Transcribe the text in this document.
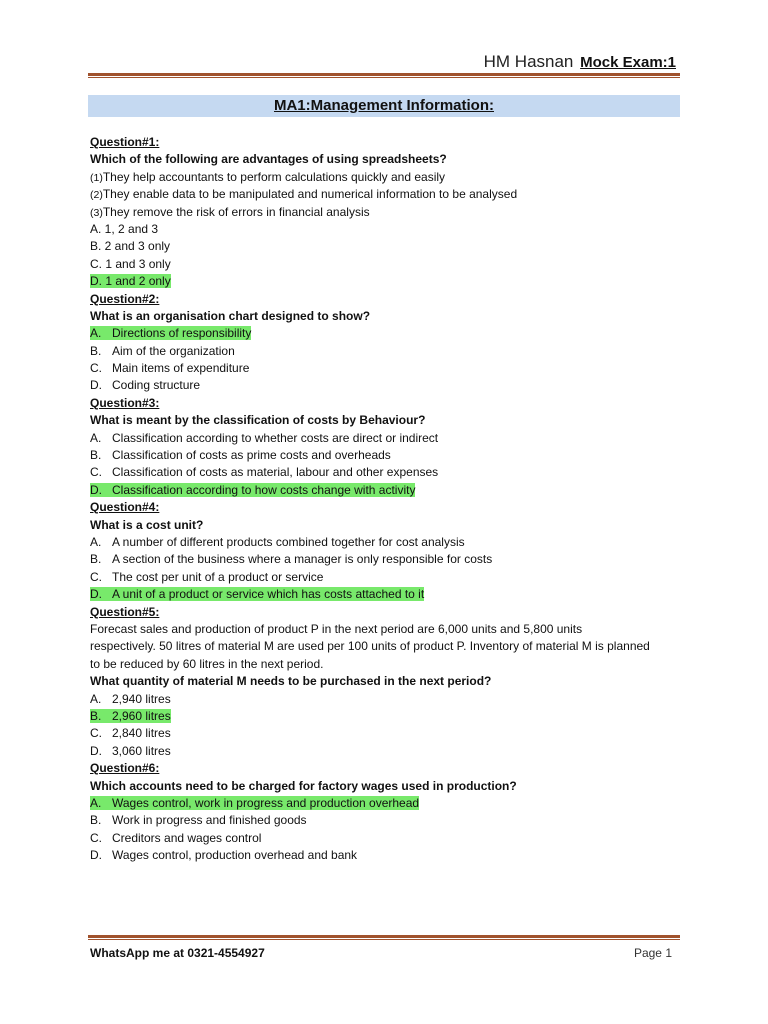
HM Hasnan Mock Exam:1
MA1:Management Information:
Question#1:
Which of the following are advantages of using spreadsheets?
(1)They help accountants to perform calculations quickly and easily
(2)They enable data to be manipulated and numerical information to be analysed
(3)They remove the risk of errors in financial analysis
A. 1, 2 and 3
B. 2 and 3 only
C. 1 and 3 only
D. 1 and 2 only
Question#2:
What is an organisation chart designed to show?
A. Directions of responsibility
B. Aim of the organization
C. Main items of expenditure
D. Coding structure
Question#3:
What is meant by the classification of costs by Behaviour?
A. Classification according to whether costs are direct or indirect
B. Classification of costs as prime costs and overheads
C. Classification of costs as material, labour and other expenses
D. Classification according to how costs change with activity
Question#4:
What is a cost unit?
A. A number of different products combined together for cost analysis
B. A section of the business where a manager is only responsible for costs
C. The cost per unit of a product or service
D. A unit of a product or service which has costs attached to it
Question#5:
Forecast sales and production of product P in the next period are 6,000 units and 5,800 units respectively. 50 litres of material M are used per 100 units of product P. Inventory of material M is planned to be reduced by 60 litres in the next period.
What quantity of material M needs to be purchased in the next period?
A. 2,940 litres
B. 2,960 litres
C. 2,840 litres
D. 3,060 litres
Question#6:
Which accounts need to be charged for factory wages used in production?
A. Wages control, work in progress and production overhead
B. Work in progress and finished goods
C. Creditors and wages control
D. Wages control, production overhead and bank
WhatsApp me at 0321-4554927	Page 1
